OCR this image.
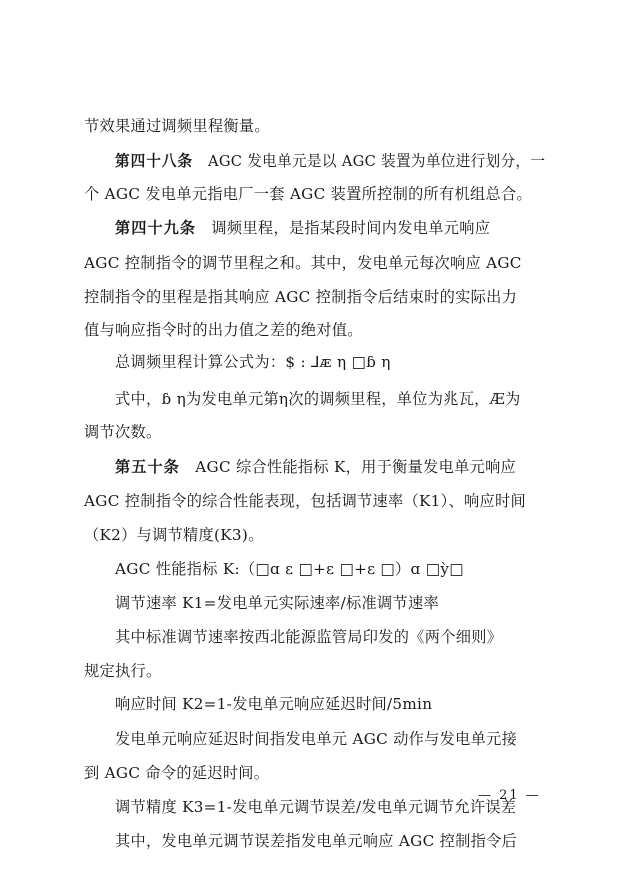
节效果通过调频里程衡量。
第四十八条　AGC 发电单元是以 AGC 装置为单位进行划分，一
个 AGC 发电单元指电厂一套 AGC 装置所控制的所有机组总合。
第四十九条　调频里程，是指某段时间内发电单元响应
AGC 控制指令的调节里程之和。其中，发电单元每次响应 AGC
控制指令的里程是指其响应 AGC 控制指令后结束时的实际出力
值与响应指令时的出力值之差的绝对值。
总调频里程计算公式为：$ : ⅃ᴁ η □ɓ η
式中，ɓ η为发电单元第η次的调频里程，单位为兆瓦，Æ为
调节次数。
第五十条　AGC 综合性能指标 K，用于衡量发电单元响应
AGC 控制指令的综合性能表现，包括调节速率（K1）、响应时间
（K2）与调节精度(K3)。
AGC 性能指标 K:（□ɑ ε □+ε □+ε □）ɑ □ỳ□
调节速率 K1=发电单元实际速率/标准调节速率
其中标准调节速率按西北能源监管局印发的《两个细则》
规定执行。
响应时间 K2=1-发电单元响应延迟时间/5min
发电单元响应延迟时间指发电单元 AGC 动作与发电单元接
到 AGC 命令的延迟时间。
调节精度 K3=1-发电单元调节误差/发电单元调节允许误差
其中，发电单元调节误差指发电单元响应 AGC 控制指令后
— 21 —
